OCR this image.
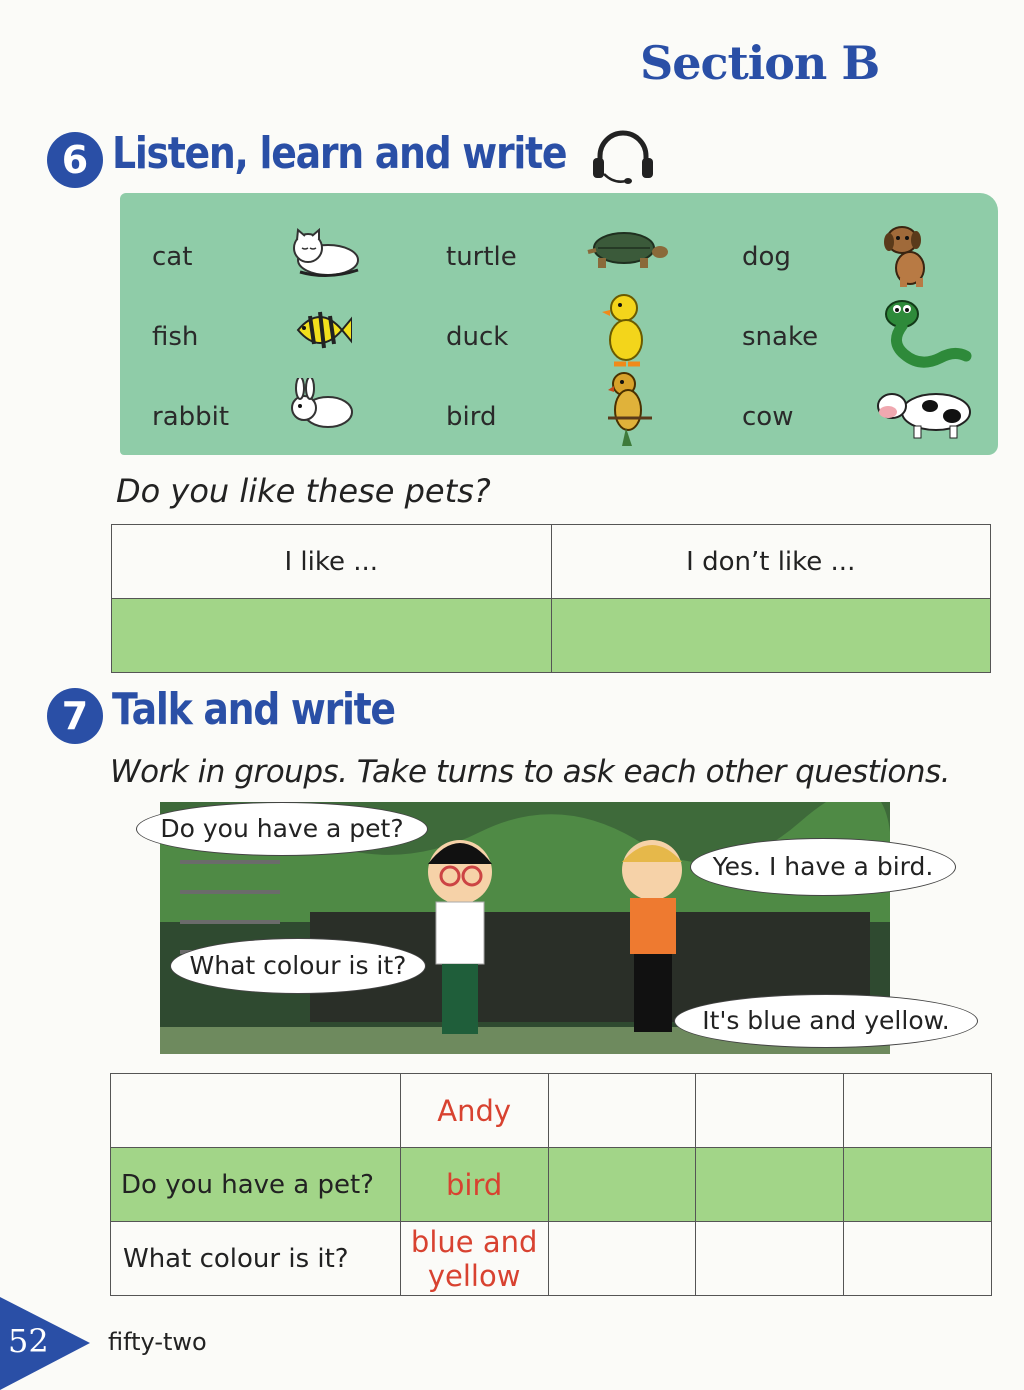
Section B
6 Listen, learn and write
cat	turtle	dog
fish	duck	snake
rabbit	bird	cow
Do you like these pets?
I like ...	I don’t like ...

7 Talk and write
Work in groups. Take turns to ask each other questions.
Do you have a pet?
Yes. I have a bird.
What colour is it?
It's blue and yellow.
	Andy			
Do you have a pet?	bird			
What colour is it?	blue and
yellow			

52 fifty-two
